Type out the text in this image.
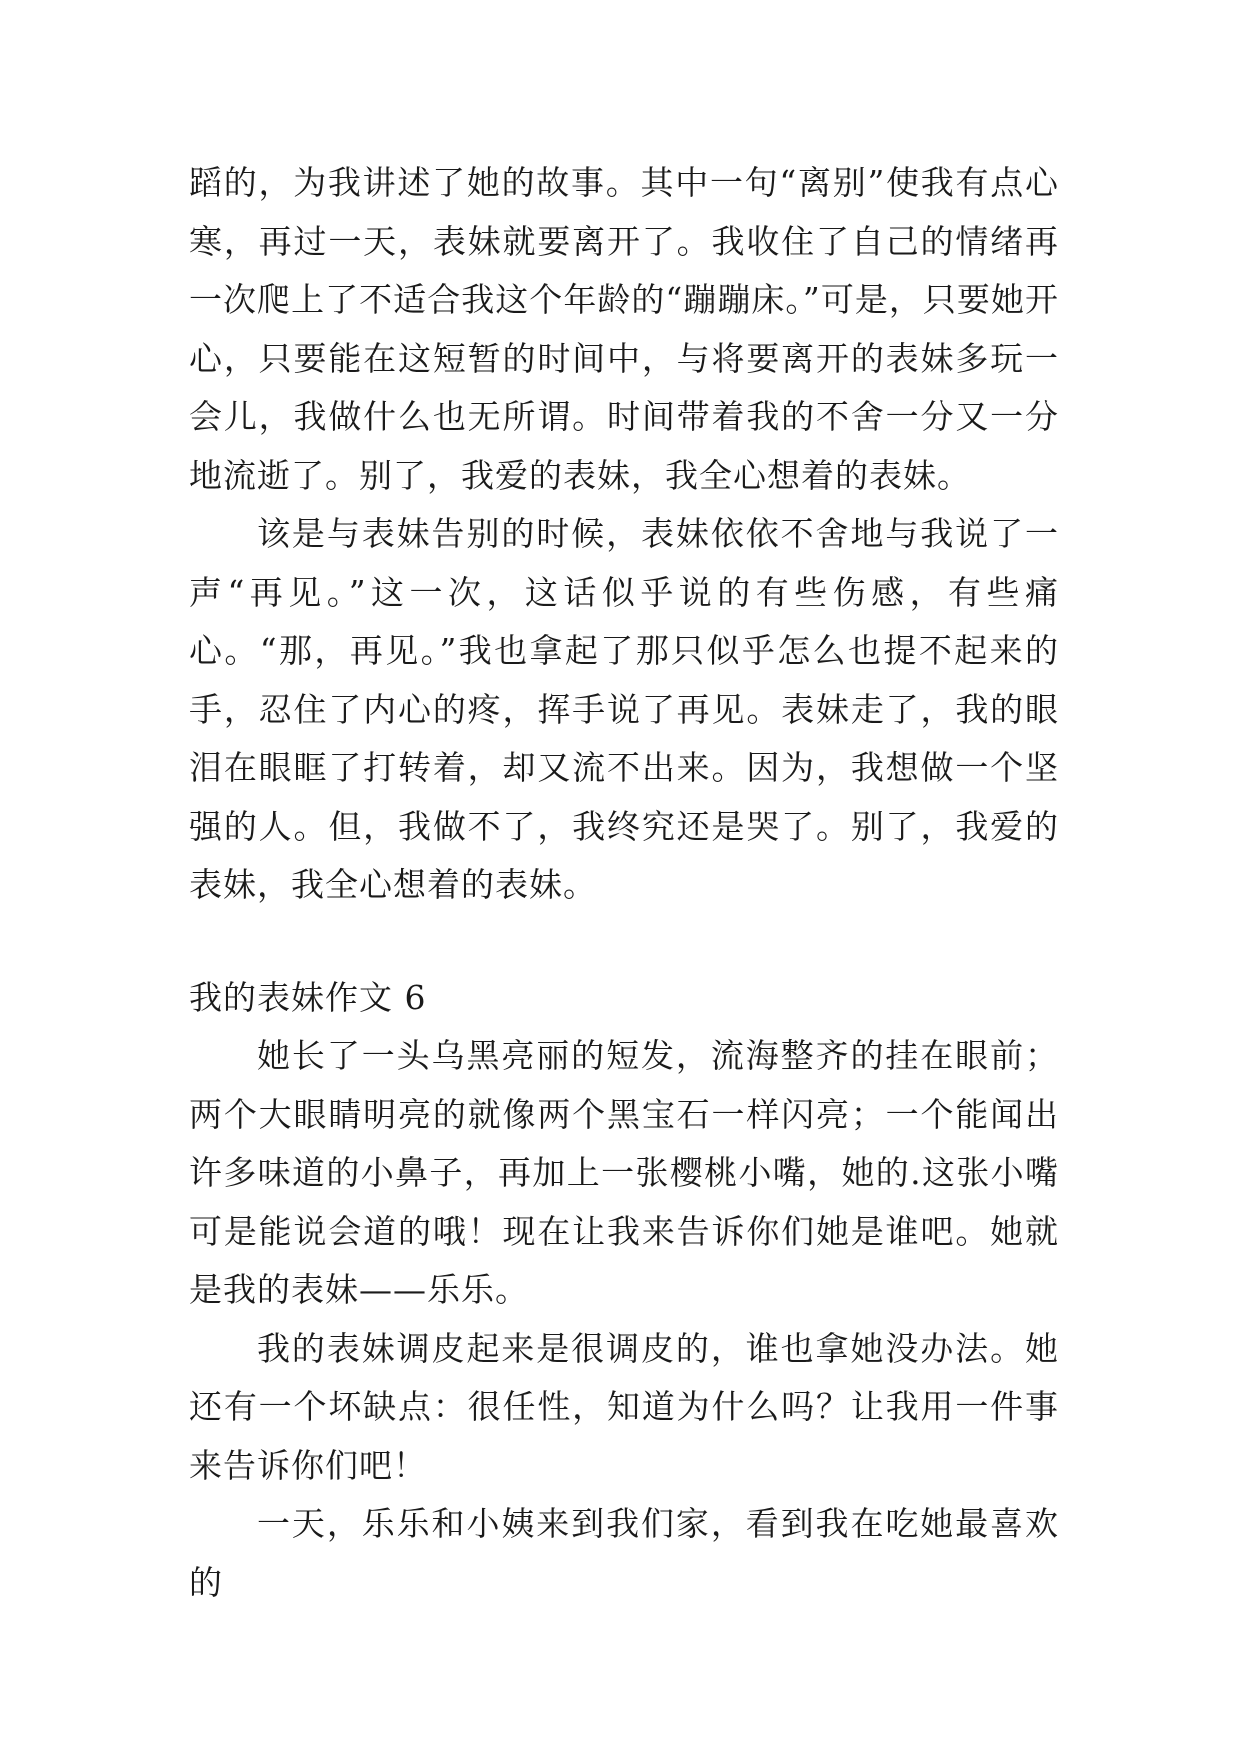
蹈的，为我讲述了她的故事。其中一句“离别”使我有点心寒，再过一天，表妹就要离开了。我收住了自己的情绪再一次爬上了不适合我这个年龄的“蹦蹦床。”可是，只要她开心，只要能在这短暂的时间中，与将要离开的表妹多玩一会儿，我做什么也无所谓。时间带着我的不舍一分又一分地流逝了。别了，我爱的表妹，我全心想着的表妹。

该是与表妹告别的时候，表妹依依不舍地与我说了一声“再见。”这一次，这话似乎说的有些伤感，有些痛心。“那，再见。”我也拿起了那只似乎怎么也提不起来的手，忍住了内心的疼，挥手说了再见。表妹走了，我的眼泪在眼眶了打转着，却又流不出来。因为，我想做一个坚强的人。但，我做不了，我终究还是哭了。别了，我爱的表妹，我全心想着的表妹。

我的表妹作文 6

她长了一头乌黑亮丽的短发，流海整齐的挂在眼前；两个大眼睛明亮的就像两个黑宝石一样闪亮；一个能闻出许多味道的小鼻子，再加上一张樱桃小嘴，她的.这张小嘴可是能说会道的哦！现在让我来告诉你们她是谁吧。她就是我的表妹——乐乐。

我的表妹调皮起来是很调皮的，谁也拿她没办法。她还有一个坏缺点：很任性，知道为什么吗？让我用一件事来告诉你们吧！

一天，乐乐和小姨来到我们家，看到我在吃她最喜欢的
